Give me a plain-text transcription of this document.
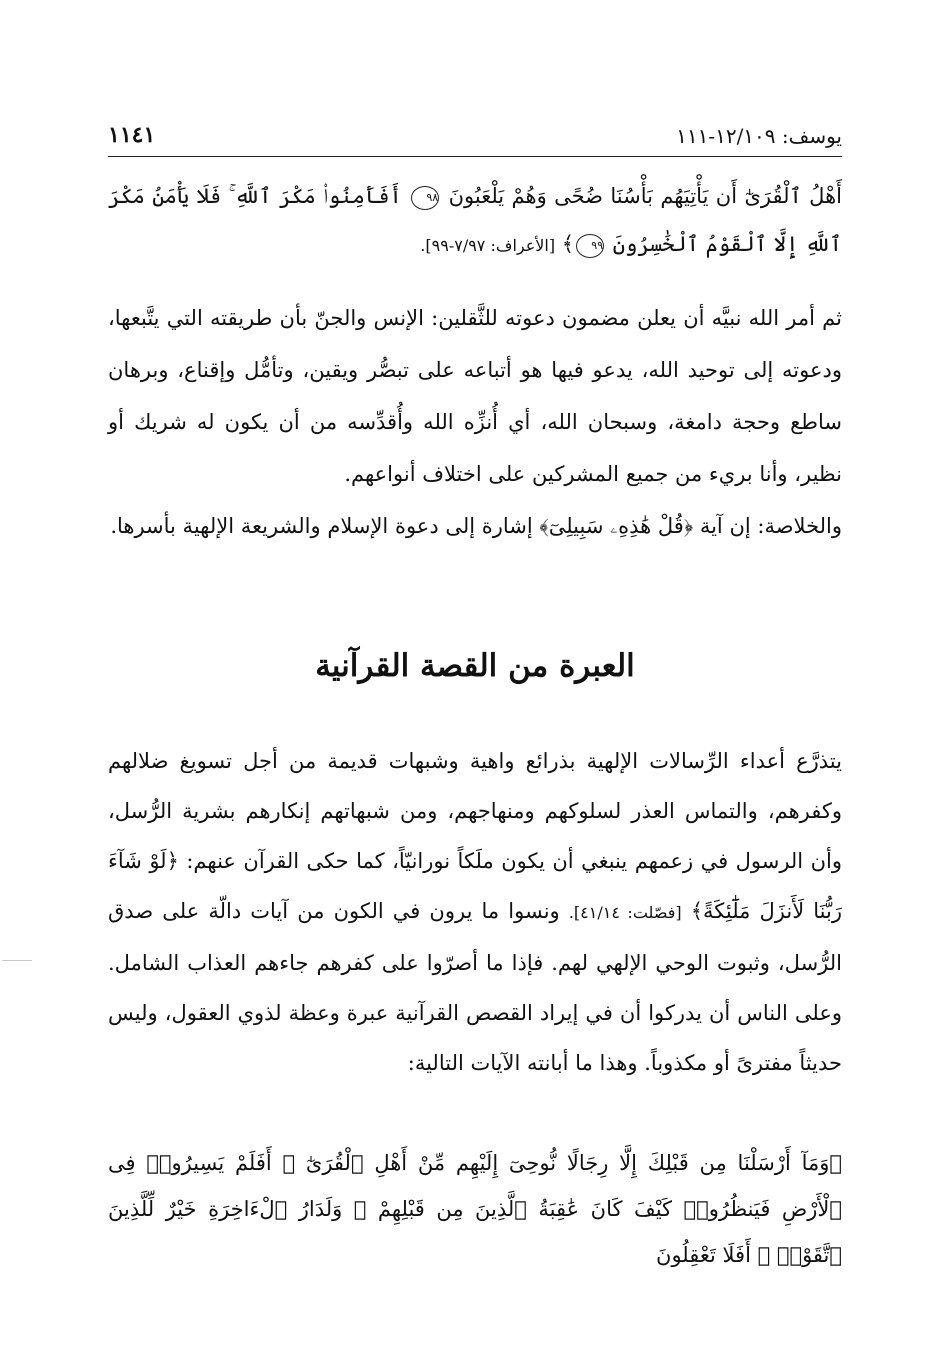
يوسف: ١٢/١٠٩-١١١
١١٤١

أَهْلُ ٱلْقُرَىٰٓ أَن يَأْتِيَهُم بَأْسُنَا ضُحًى وَهُمْ يَلْعَبُونَ ٩٨ أَفَأَمِنُوا۟ مَكْرَ ٱللَّهِ ۚ فَلَا يَأْمَنُ مَكْرَ ٱللَّهِ إِلَّا ٱلْقَوْمُ ٱلْخَٰسِرُونَ ٩٩﴾ [الأعراف: ٧/٩٧-٩٩].

ثم أمر الله نبيَّه أن يعلن مضمون دعوته للثَّقلين: الإنس والجنّ بأن طريقته التي يتَّبعها، ودعوته إلى توحيد الله، يدعو فيها هو أتباعه على تبصُّر ويقين، وتأمُّل وإقناع، وبرهان ساطع وحجة دامغة، وسبحان الله، أي أُنزِّه الله وأُقدِّسه من أن يكون له شريك أو نظير، وأنا بريء من جميع المشركين على اختلاف أنواعهم.

والخلاصة: إن آية ﴿قُلْ هَٰذِهِۦ سَبِيلِىٓ﴾ إشارة إلى دعوة الإسلام والشريعة الإلهية بأسرها.

العبرة من القصة القرآنية

يتذرَّع أعداء الرِّسالات الإلهية بذرائع واهية وشبهات قديمة من أجل تسويغ ضلالهم وكفرهم، والتماس العذر لسلوكهم ومنهاجهم، ومن شبهاتهم إنكارهم بشرية الرُّسل، وأن الرسول في زعمهم ينبغي أن يكون ملَكاً نورانيّاً، كما حكى القرآن عنهم: ﴿لَوْ شَآءَ رَبُّنَا لَأَنزَلَ مَلَٰٓئِكَةً﴾ [فصّلت: ٤١/١٤]. ونسوا ما يرون في الكون من آيات دالّة على صدق الرُّسل، وثبوت الوحي الإلهي لهم. فإذا ما أصرّوا على كفرهم جاءهم العذاب الشامل. وعلى الناس أن يدركوا أن في إيراد القصص القرآنية عبرة وعظة لذوي العقول، وليس حديثاً مفترىً أو مكذوباً. وهذا ما أبانته الآيات التالية:

﴿وَمَآ أَرْسَلْنَا مِن قَبْلِكَ إِلَّا رِجَالًا نُّوحِىٓ إِلَيْهِم مِّنْ أَهْلِ ٱلْقُرَىٰٓ ۗ أَفَلَمْ يَسِيرُوا۟ فِى ٱلْأَرْضِ فَيَنظُرُوا۟ كَيْفَ كَانَ عَٰقِبَةُ ٱلَّذِينَ مِن قَبْلِهِمْ ۗ وَلَدَارُ ٱلْءَاخِرَةِ خَيْرٌ لِّلَّذِينَ ٱتَّقَوْا۟ ۗ أَفَلَا تَعْقِلُونَ
